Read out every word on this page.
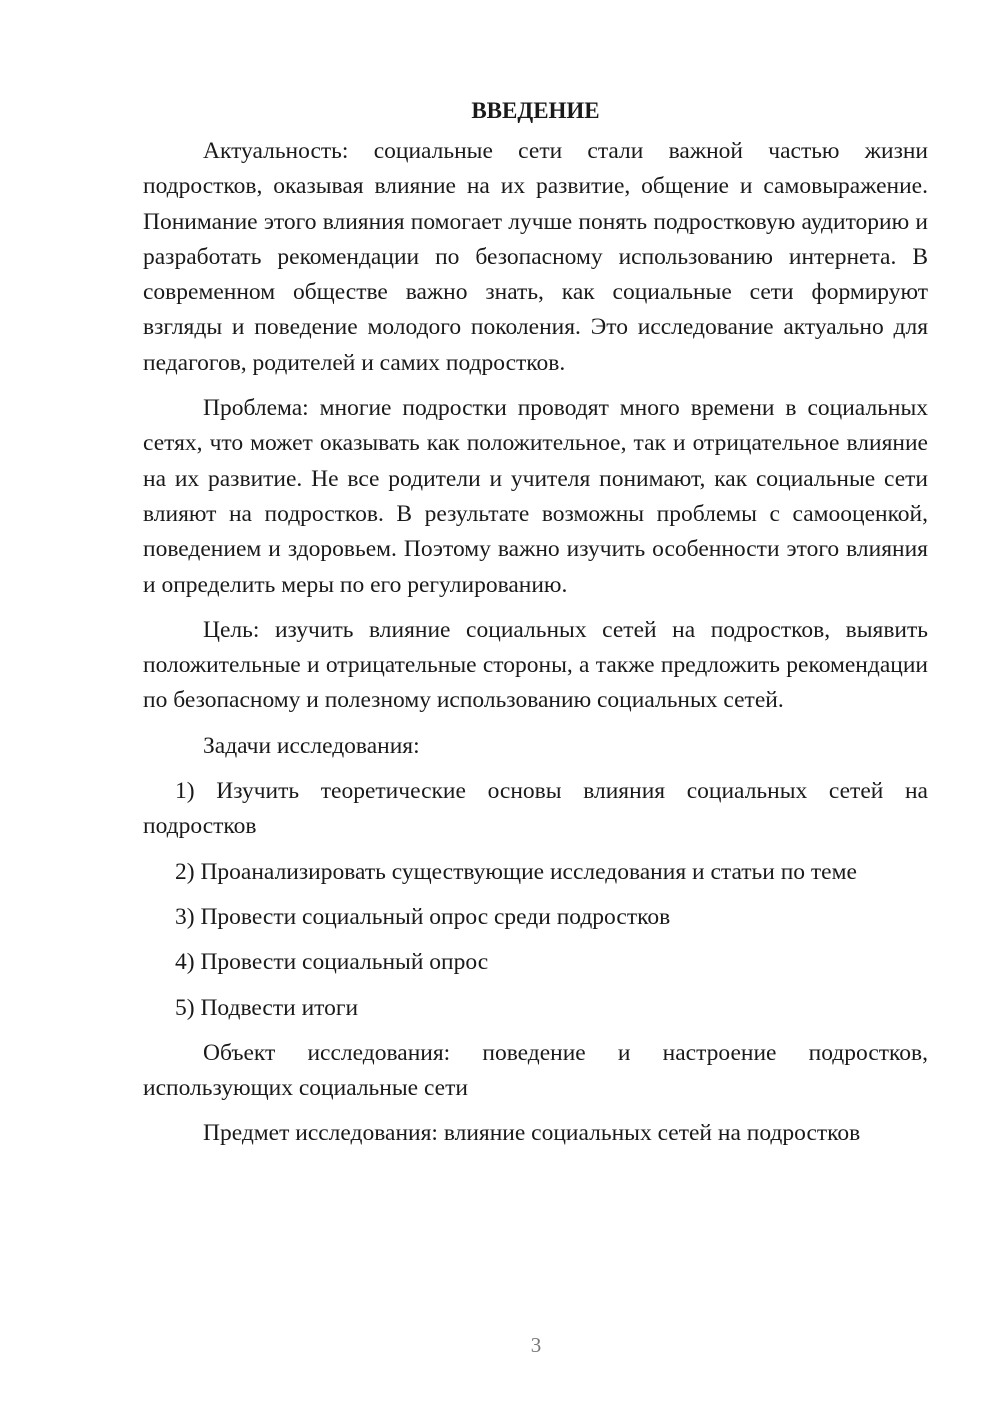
ВВЕДЕНИЕ

Актуальность: социальные сети стали важной частью жизни подростков, оказывая влияние на их развитие, общение и самовыражение. Понимание этого влияния помогает лучше понять подростковую аудиторию и разработать рекомендации по безопасному использованию интернета. В современном обществе важно знать, как социальные сети формируют взгляды и поведение молодого поколения. Это исследование актуально для педагогов, родителей и самих подростков.

Проблема: многие подростки проводят много времени в социальных сетях, что может оказывать как положительное, так и отрицательное влияние на их развитие. Не все родители и учителя понимают, как социальные сети влияют на подростков. В результате возможны проблемы с самооценкой, поведением и здоровьем. Поэтому важно изучить особенности этого влияния и определить меры по его регулированию.

Цель: изучить влияние социальных сетей на подростков, выявить положительные и отрицательные стороны, а также предложить рекомендации по безопасному и полезному использованию социальных сетей.

Задачи исследования:

1) Изучить теоретические основы влияния социальных сетей на подростков

2) Проанализировать существующие исследования и статьи по теме

3) Провести социальный опрос среди подростков

4) Провести социальный опрос

5) Подвести итоги

Объект исследования: поведение и настроение подростков, использующих социальные сети

Предмет исследования: влияние социальных сетей на подростков

3
